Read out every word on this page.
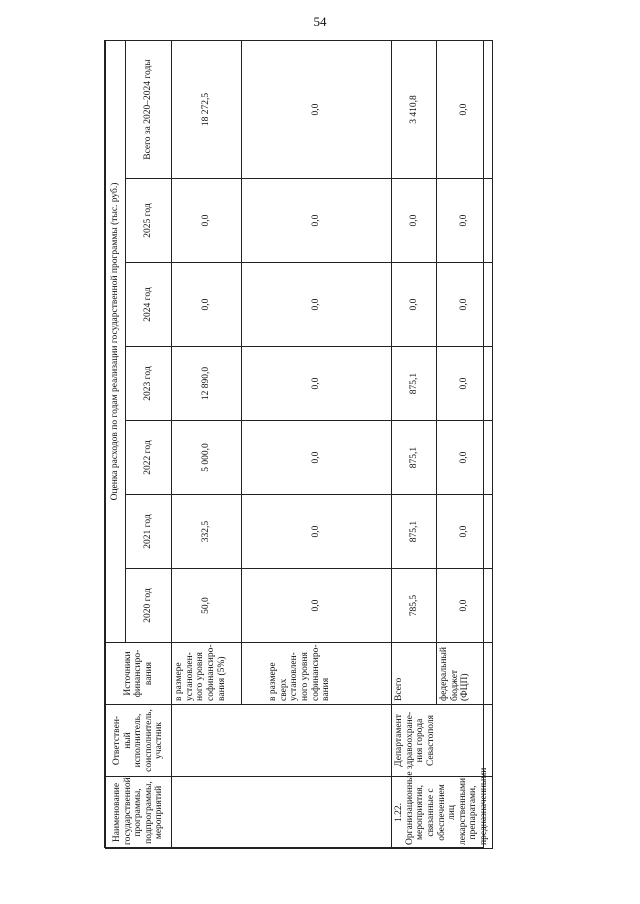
54
Наименование государственной программы, подпрограммы, мероприятий	Ответствен-ный исполнитель, соисполнитель, участник	Источники финансиро-вания	Оценка расходов по годам реализации государственной программы (тыс. руб.)						
			2020 год	2021 год	2022 год	2023 год	2024 год	2025 год	Всего за 2020–2024 годы
		в размере установлен-ного уровня софинансиро-вания (5%)	50,0	332,5	5 000,0	12 890,0	0,0	0,0	18 272,5
		в размере сверх установлен-ного уровня софинансиро-вания	0,0	0,0	0,0	0,0	0,0	0,0	0,0
1.22. Организационные мероприятия, связанные с обеспечением лиц лекарственными препаратами, предназначенными	Департамент здравоохране-ния города Севастополя	Всего	785,5	875,1	875,1	875,1	0,0	0,0	3 410,8
		федеральный бюджет (ФЦП)	0,0	0,0	0,0	0,0	0,0	0,0	0,0
